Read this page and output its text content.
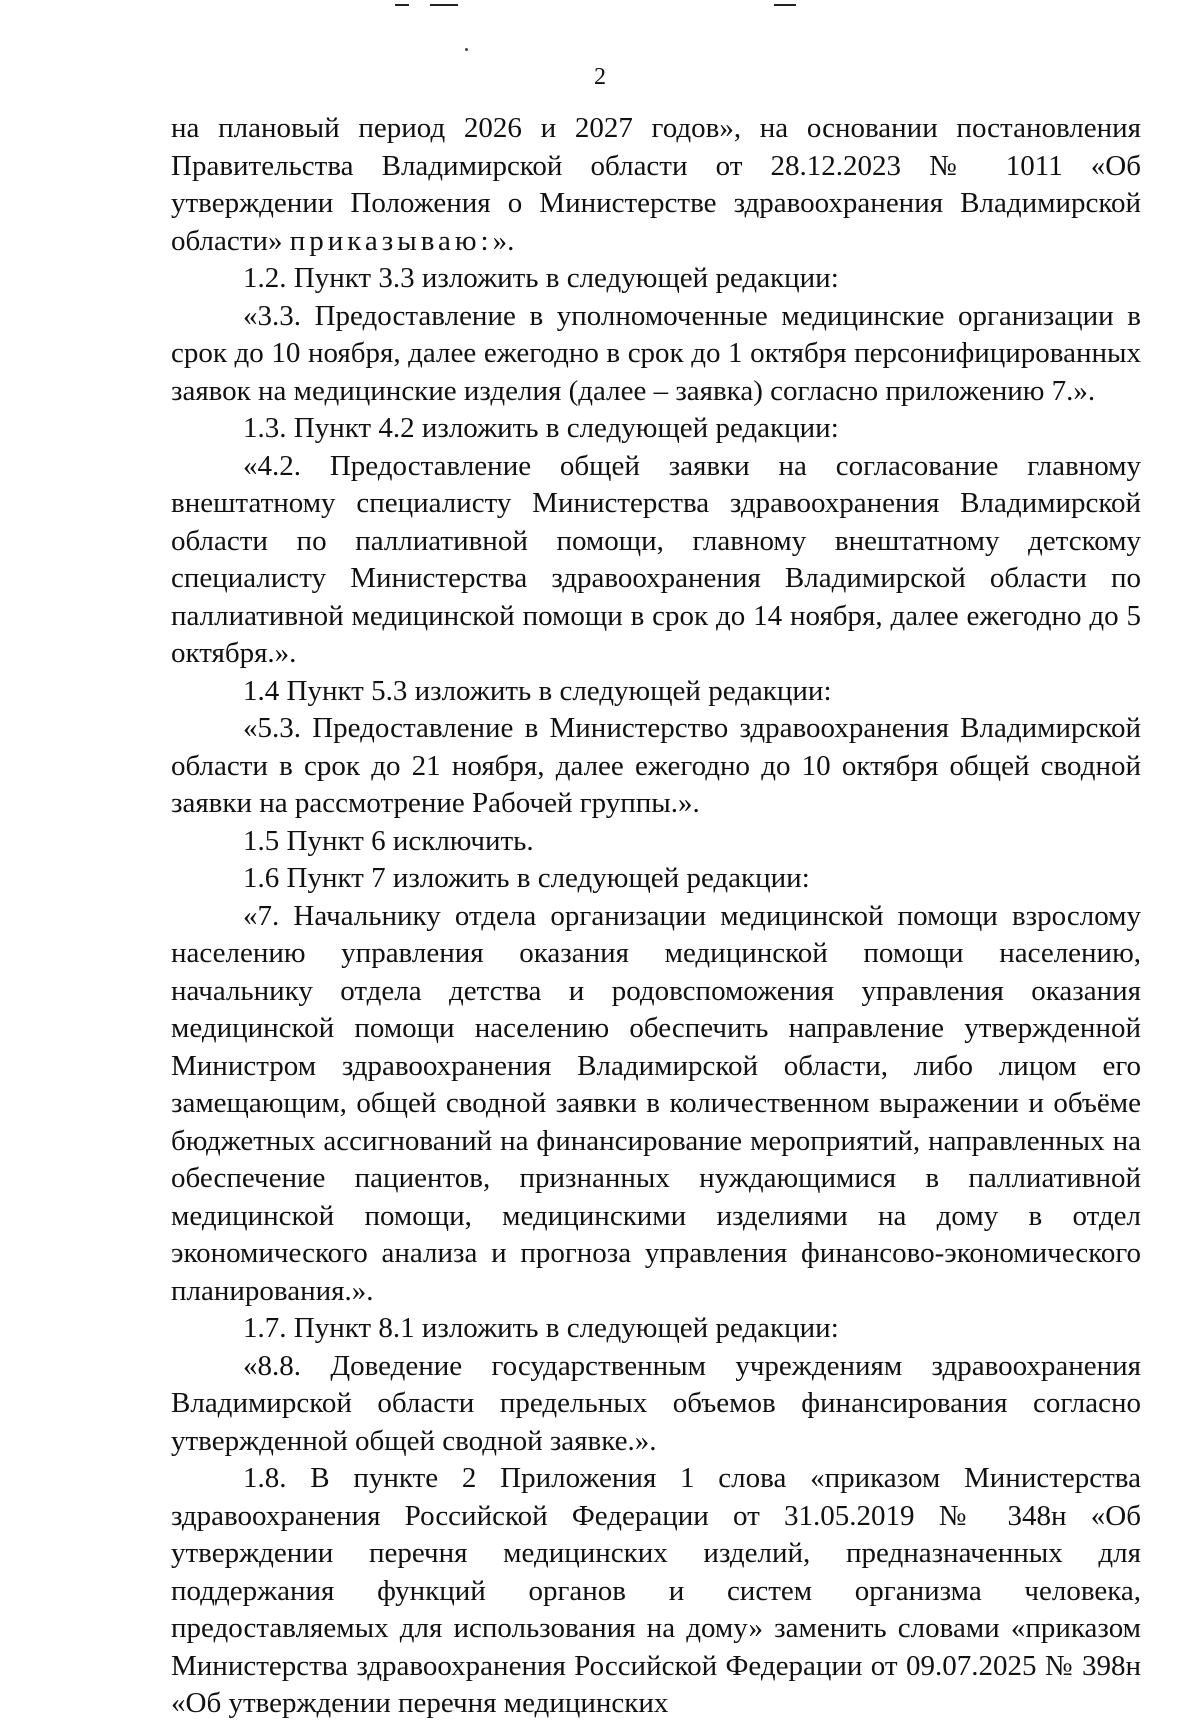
2

на плановый период 2026 и 2027 годов», на основании постановления Правительства Владимирской области от 28.12.2023 № 1011 «Об утверждении Положения о Министерстве здравоохранения Владимирской области» приказываю:».

1.2. Пункт 3.3 изложить в следующей редакции:

«3.3. Предоставление в уполномоченные медицинские организации в срок до 10 ноября, далее ежегодно в срок до 1 октября персонифицированных заявок на медицинские изделия (далее – заявка) согласно приложению 7.».

1.3. Пункт 4.2 изложить в следующей редакции:

«4.2. Предоставление общей заявки на согласование главному внештатному специалисту Министерства здравоохранения Владимирской области по паллиативной помощи, главному внештатному детскому специалисту Министерства здравоохранения Владимирской области по паллиативной медицинской помощи в срок до 14 ноября, далее ежегодно до 5 октября.».

1.4 Пункт 5.3 изложить в следующей редакции:

«5.3. Предоставление в Министерство здравоохранения Владимирской области в срок до 21 ноября, далее ежегодно до 10 октября общей сводной заявки на рассмотрение Рабочей группы.».

1.5 Пункт 6 исключить.

1.6 Пункт 7 изложить в следующей редакции:

«7. Начальнику отдела организации медицинской помощи взрослому населению управления оказания медицинской помощи населению, начальнику отдела детства и родовспоможения управления оказания медицинской помощи населению обеспечить направление утвержденной Министром здравоохранения Владимирской области, либо лицом его замещающим, общей сводной заявки в количественном выражении и объёме бюджетных ассигнований на финансирование мероприятий, направленных на обеспечение пациентов, признанных нуждающимися в паллиативной медицинской помощи, медицинскими изделиями на дому в отдел экономического анализа и прогноза управления финансово-экономического планирования.».

1.7. Пункт 8.1 изложить в следующей редакции:

«8.8. Доведение государственным учреждениям здравоохранения Владимирской области предельных объемов финансирования согласно утвержденной общей сводной заявке.».

1.8. В пункте 2 Приложения 1 слова «приказом Министерства здравоохранения Российской Федерации от 31.05.2019 № 348н «Об утверждении перечня медицинских изделий, предназначенных для поддержания функций органов и систем организма человека, предоставляемых для использования на дому» заменить словами «приказом Министерства здравоохранения Российской Федерации от 09.07.2025 № 398н «Об утверждении перечня медицинских
